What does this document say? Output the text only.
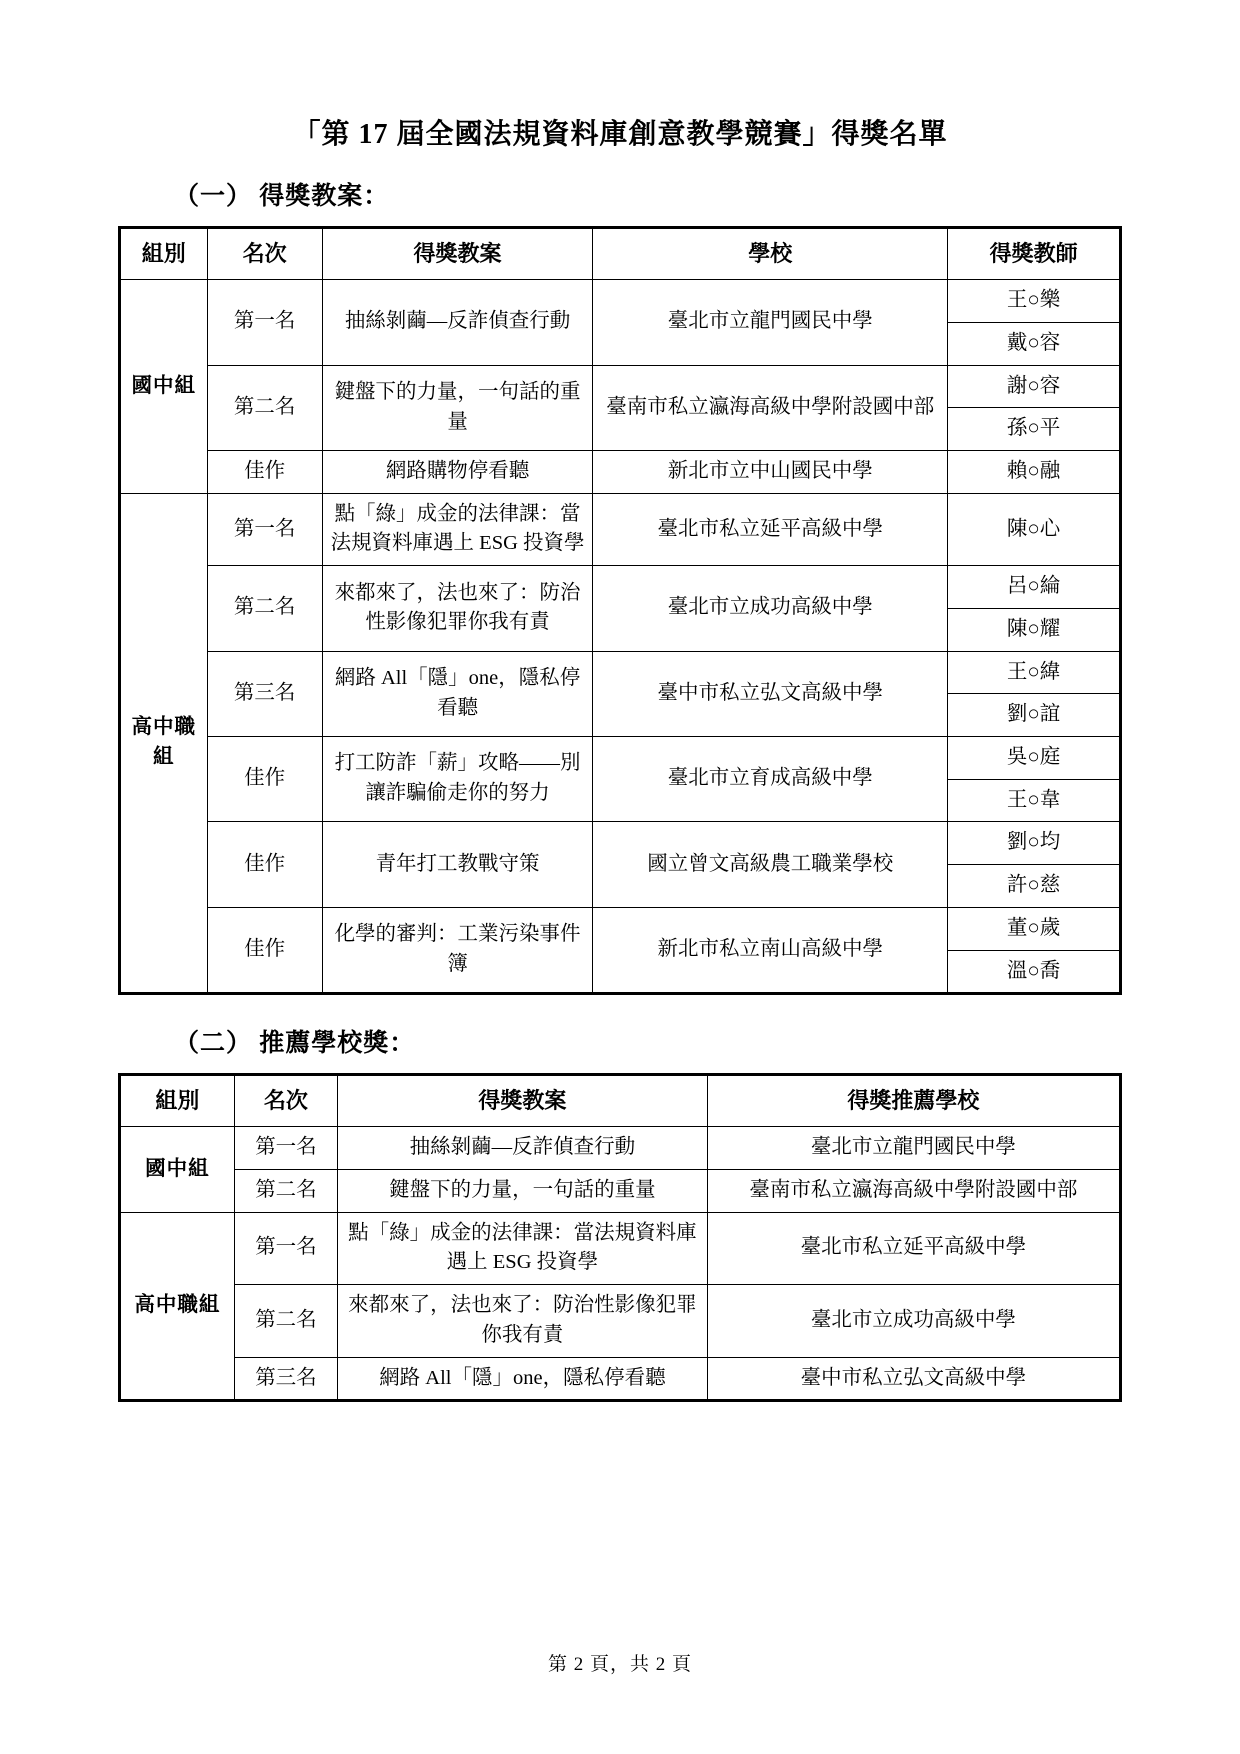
「第 17 屆全國法規資料庫創意教學競賽」得獎名單
（一） 得獎教案：
組別	名次	得獎教案	學校	得獎教師
國中組	第一名	抽絲剝繭—反詐偵查行動	臺北市立龍門國民中學	王○樂
				戴○容
	第二名	鍵盤下的力量，一句話的重量	臺南市私立瀛海高級中學附設國中部	謝○容
				孫○平
	佳作	網路購物停看聽	新北市立中山國民中學	賴○融
高中職組	第一名	點「綠」成金的法律課：當法規資料庫遇上 ESG 投資學	臺北市私立延平高級中學	陳○心
	第二名	來都來了，法也來了：防治性影像犯罪你我有責	臺北市立成功高級中學	呂○綸
				陳○耀
	第三名	網路 All「隱」one，隱私停看聽	臺中市私立弘文高級中學	王○緯
				劉○誼
	佳作	打工防詐「薪」攻略——別讓詐騙偷走你的努力	臺北市立育成高級中學	吳○庭
				王○韋
	佳作	青年打工教戰守策	國立曾文高級農工職業學校	劉○均
				許○慈
	佳作	化學的審判：工業污染事件簿	新北市私立南山高級中學	董○歲
				溫○喬
（二） 推薦學校獎：
組別	名次	得獎教案	得獎推薦學校
國中組	第一名	抽絲剝繭—反詐偵查行動	臺北市立龍門國民中學
	第二名	鍵盤下的力量，一句話的重量	臺南市私立瀛海高級中學附設國中部
高中職組	第一名	點「綠」成金的法律課：當法規資料庫遇上 ESG 投資學	臺北市私立延平高級中學
	第二名	來都來了，法也來了：防治性影像犯罪你我有責	臺北市立成功高級中學
	第三名	網路 All「隱」one，隱私停看聽	臺中市私立弘文高級中學
第 2 頁，共 2 頁
